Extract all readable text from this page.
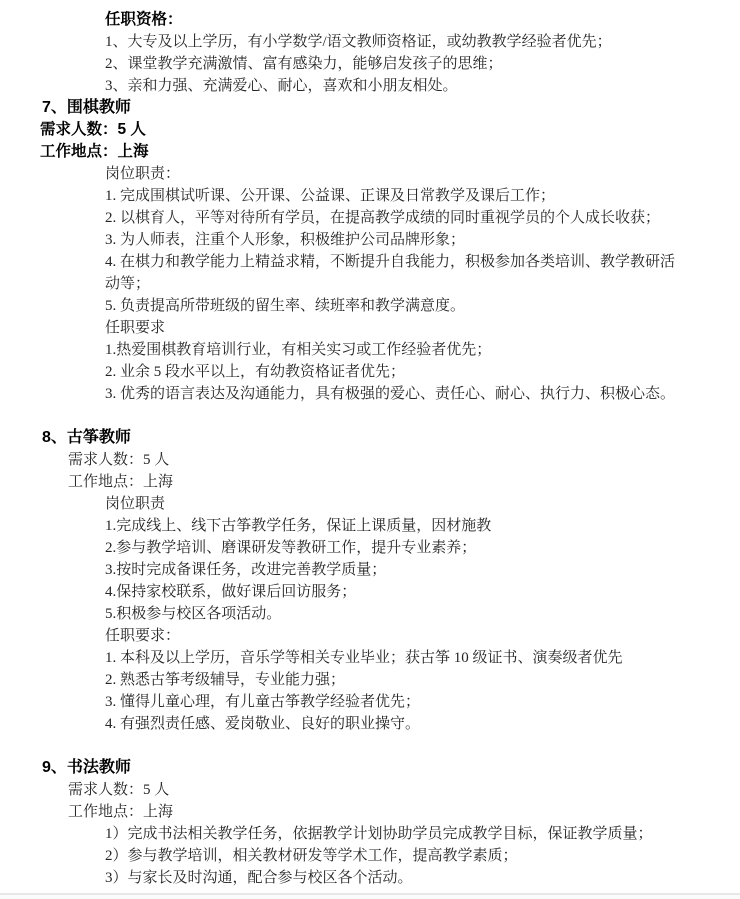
任职资格：
1、大专及以上学历，有小学数学/语文教师资格证，或幼教教学经验者优先；
2、课堂教学充满激情、富有感染力，能够启发孩子的思维；
3、亲和力强、充满爱心、耐心，喜欢和小朋友相处。
7、围棋教师
需求人数：5 人
工作地点：上海
岗位职责：
1. 完成围棋试听课、公开课、公益课、正课及日常教学及课后工作；
2. 以棋育人，平等对待所有学员，在提高教学成绩的同时重视学员的个人成长收获；
3. 为人师表，注重个人形象，积极维护公司品牌形象；
4. 在棋力和教学能力上精益求精，不断提升自我能力，积极参加各类培训、教学教研活
动等；
5. 负责提高所带班级的留生率、续班率和教学满意度。
任职要求
1.热爱围棋教育培训行业，有相关实习或工作经验者优先；
2. 业余 5 段水平以上，有幼教资格证者优先；
3. 优秀的语言表达及沟通能力，具有极强的爱心、责任心、耐心、执行力、积极心态。
8、古筝教师
需求人数：5 人
工作地点：上海
岗位职责
1.完成线上、线下古筝教学任务，保证上课质量，因材施教
2.参与教学培训、磨课研发等教研工作，提升专业素养；
3.按时完成备课任务，改进完善教学质量；
4.保持家校联系，做好课后回访服务；
5.积极参与校区各项活动。
任职要求：
1. 本科及以上学历，音乐学等相关专业毕业；获古筝 10 级证书、演奏级者优先
2. 熟悉古筝考级辅导，专业能力强；
3. 懂得儿童心理，有儿童古筝教学经验者优先；
4. 有强烈责任感、爱岗敬业、良好的职业操守。
9、书法教师
需求人数：5 人
工作地点：上海
1）完成书法相关教学任务，依据教学计划协助学员完成教学目标，保证教学质量；
2）参与教学培训，相关教材研发等学术工作，提高教学素质；
3）与家长及时沟通，配合参与校区各个活动。
